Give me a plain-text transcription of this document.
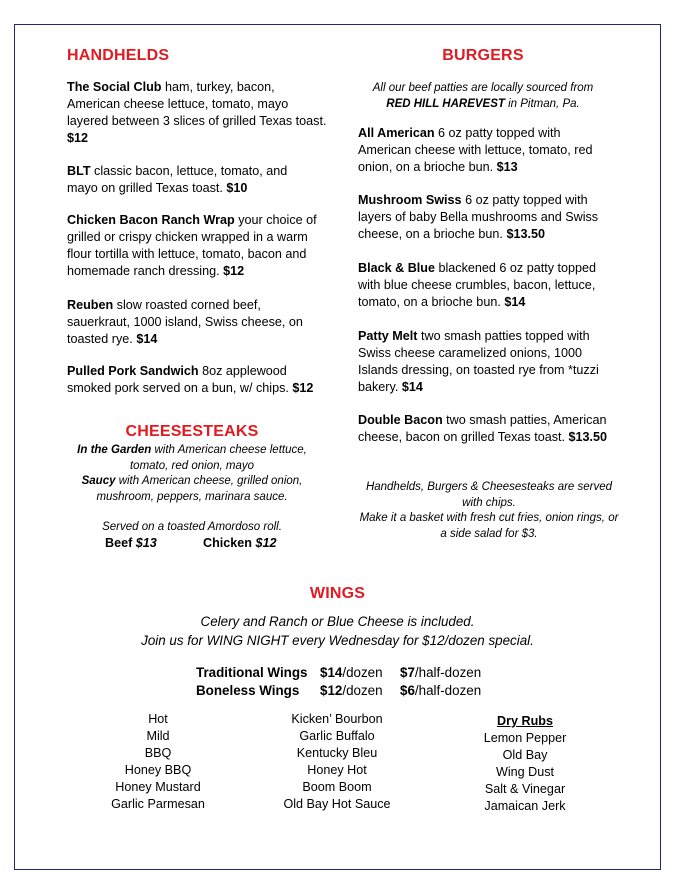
HANDHELDS
The Social Club ham, turkey, bacon, American cheese lettuce, tomato, mayo layered between 3 slices of grilled Texas toast. $12
BLT classic bacon, lettuce, tomato, and mayo on grilled Texas toast. $10
Chicken Bacon Ranch Wrap your choice of grilled or crispy chicken wrapped in a warm flour tortilla with lettuce, tomato, bacon and homemade ranch dressing. $12
Reuben slow roasted corned beef, sauerkraut, 1000 island, Swiss cheese, on toasted rye. $14
Pulled Pork Sandwich 8oz applewood smoked pork served on a bun, w/ chips. $12
CHEESESTEAKS
In the Garden with American cheese lettuce, tomato, red onion, mayo
Saucy with American cheese, grilled onion, mushroom, peppers, marinara sauce.
Served on a toasted Amordoso roll.
Beef $13	Chicken $12
BURGERS
All our beef patties are locally sourced from
RED HILL HAREVEST in Pitman, Pa.
All American 6 oz patty topped with American cheese with lettuce, tomato, red onion, on a brioche bun. $13
Mushroom Swiss 6 oz patty topped with layers of baby Bella mushrooms and Swiss cheese, on a brioche bun. $13.50
Black & Blue blackened 6 oz patty topped with blue cheese crumbles, bacon, lettuce, tomato, on a brioche bun. $14
Patty Melt two smash patties topped with Swiss cheese caramelized onions, 1000 Islands dressing, on toasted rye from *tuzzi bakery. $14
Double Bacon two smash patties, American cheese, bacon on grilled Texas toast. $13.50
Handhelds, Burgers & Cheesesteaks are served with chips.
Make it a basket with fresh cut fries, onion rings, or a side salad for $3.
WINGS
Celery and Ranch or Blue Cheese is included.
Join us for WING NIGHT every Wednesday for $12/dozen special.
Traditional Wings $14/dozen $7/half-dozen
Boneless Wings $12/dozen $6/half-dozen
Hot
Mild
BBQ
Honey BBQ
Honey Mustard
Garlic Parmesan
Kicken’ Bourbon
Garlic Buffalo
Kentucky Bleu
Honey Hot
Boom Boom
Old Bay Hot Sauce
Dry Rubs
Lemon Pepper
Old Bay
Wing Dust
Salt & Vinegar
Jamaican Jerk
